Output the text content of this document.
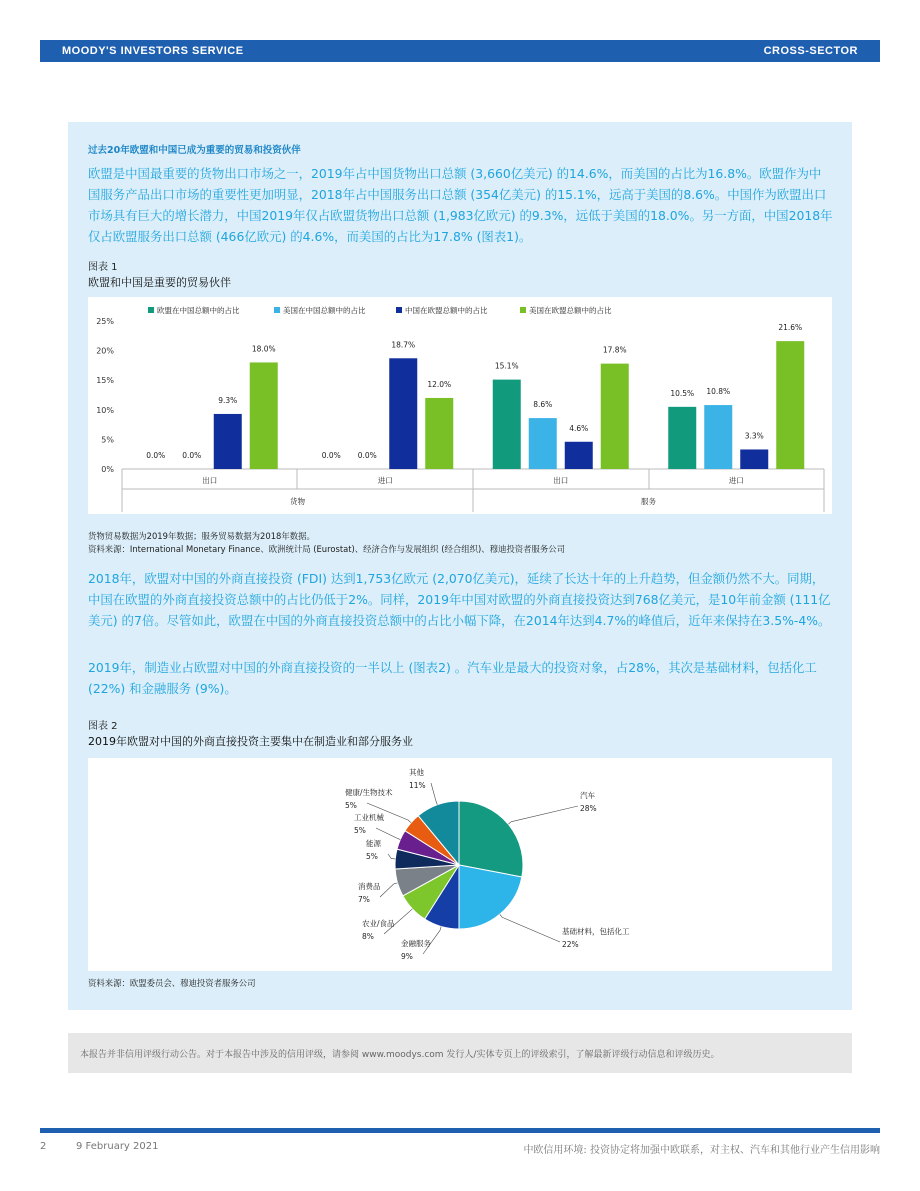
MOODY'S INVESTORS SERVICE	CROSS-SECTOR
过去20年欧盟和中国已成为重要的贸易和投资伙伴
欧盟是中国最重要的货物出口市场之一，2019年占中国货物出口总额 (3,660亿美元) 的14.6%，而美国的占比为16.8%。欧盟作为中国服务产品出口市场的重要性更加明显，2018年占中国服务出口总额 (354亿美元) 的15.1%，远高于美国的8.6%。中国作为欧盟出口市场具有巨大的增长潜力，中国2019年仅占欧盟货物出口总额 (1,983亿欧元) 的9.3%，远低于美国的18.0%。另一方面，中国2018年仅占欧盟服务出口总额 (466亿欧元) 的4.6%，而美国的占比为17.8% (图表1)。
图表 1
欧盟和中国是重要的贸易伙伴
欧盟在中国总额中的占比	美国在中国总额中的占比	中国在欧盟总额中的占比	美国在欧盟总额中的占比
0%
5%
10%
15%
20%
25%
0.0% 0.0%
9.3%
18.0%
出口
0.0% 0.0%
18.7%
12.0%
进口
15.1%
8.6%
4.6%
17.8%
出口
10.5% 10.8%
3.3%
21.6%
进口
货物	服务
货物贸易数据为2019年数据；服务贸易数据为2018年数据。
资料来源：International Monetary Finance、欧洲统计局 (Eurostat)、经济合作与发展组织 (经合组织)、穆迪投资者服务公司
2018年，欧盟对中国的外商直接投资 (FDI) 达到1,753亿欧元 (2,070亿美元)，延续了长达十年的上升趋势，但金额仍然不大。同期，中国在欧盟的外商直接投资总额中的占比仍低于2%。同样，2019年中国对欧盟的外商直接投资达到768亿美元，是10年前金额 (111亿美元) 的7倍。尽管如此，欧盟在中国的外商直接投资总额中的占比小幅下降，在2014年达到4.7%的峰值后，近年来保持在3.5%-4%。
2019年，制造业占欧盟对中国的外商直接投资的一半以上 (图表2) 。汽车业是最大的投资对象，占28%，其次是基础材料，包括化工 (22%) 和金融服务 (9%)。
图表 2
2019年欧盟对中国的外商直接投资主要集中在制造业和部分服务业
汽车
28%
基础材料，包括化工
22%
金融服务
9%
农业/食品
8%
消费品
7%
能源
5%
工业机械
5%
健康/生物技术
5%
其他
11%
资料来源：欧盟委员会、穆迪投资者服务公司
本报告并非信用评级行动公告。对于本报告中涉及的信用评级，请参阅 www.moodys.com 发行人/实体专页上的评级索引，了解最新评级行动信息和评级历史。
2	9 February 2021	中欧信用环境: 投资协定将加强中欧联系，对主权、汽车和其他行业产生信用影响
